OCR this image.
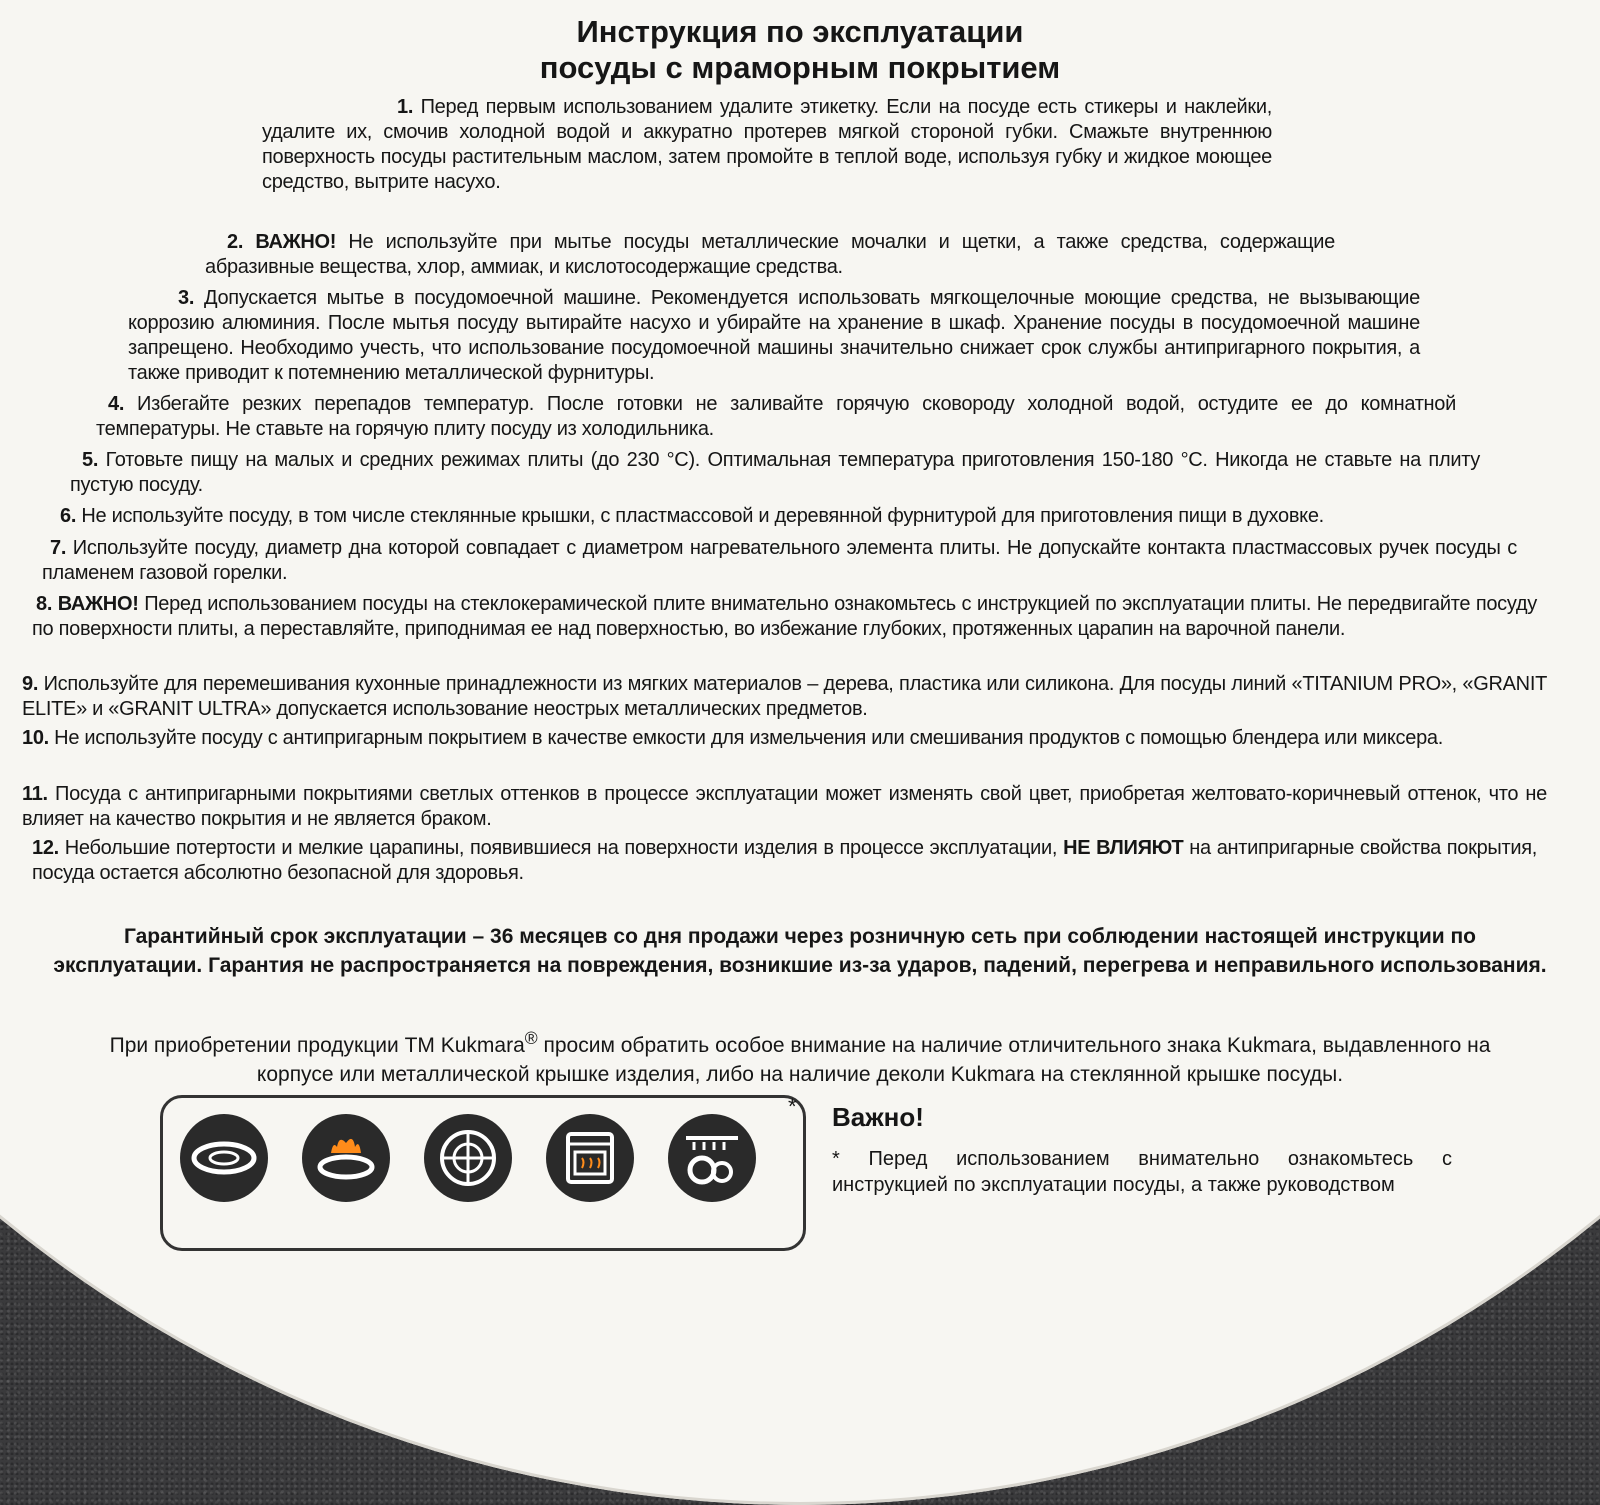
Инструкция по эксплуатации
посуды с мраморным покрытием
1. Перед первым использованием удалите этикетку. Если на посуде есть стикеры и наклейки, удалите их, смочив холодной водой и аккуратно протерев мягкой стороной губки. Смажьте внутреннюю поверхность посуды растительным маслом, затем промойте в теплой воде, используя губку и жидкое моющее средство, вытрите насухо.
2. ВАЖНО! Не используйте при мытье посуды металлические мочалки и щетки, а также средства, содержащие абразивные вещества, хлор, аммиак, и кислотосодержащие средства.
3. Допускается мытье в посудомоечной машине. Рекомендуется использовать мягкощелочные моющие средства, не вызывающие коррозию алюминия. После мытья посуду вытирайте насухо и убирайте на хранение в шкаф. Хранение посуды в посудомоечной машине запрещено. Необходимо учесть, что использование посудомоечной машины значительно снижает срок службы антипригарного покрытия, а также приводит к потемнению металлической фурнитуры.
4. Избегайте резких перепадов температур. После готовки не заливайте горячую сковороду холодной водой, остудите ее до комнатной температуры. Не ставьте на горячую плиту посуду из холодильника.
5. Готовьте пищу на малых и средних режимах плиты (до 230 °С). Оптимальная температура приготовления 150-180 °С. Никогда не ставьте на плиту пустую посуду.
6. Не используйте посуду, в том числе стеклянные крышки, с пластмассовой и деревянной фурнитурой для приготовления пищи в духовке.
7. Используйте посуду, диаметр дна которой совпадает с диаметром нагревательного элемента плиты. Не допускайте контакта пластмассовых ручек посуды с пламенем газовой горелки.
8. ВАЖНО! Перед использованием посуды на стеклокерамической плите внимательно ознакомьтесь с инструкцией по эксплуатации плиты. Не передвигайте посуду по поверхности плиты, а переставляйте, приподнимая ее над поверхностью, во избежание глубоких, протяженных царапин на варочной панели.
9. Используйте для перемешивания кухонные принадлежности из мягких материалов – дерева, пластика или силикона. Для посуды линий «TITANIUM PRO», «GRANIT ELITE» и «GRANIT ULTRA» допускается использование неострых металлических предметов.
10. Не используйте посуду с антипригарным покрытием в качестве емкости для измельчения или смешивания продуктов с помощью блендера или миксера.
11. Посуда с антипригарными покрытиями светлых оттенков в процессе эксплуатации может изменять свой цвет, приобретая желтовато-коричневый оттенок, что не влияет на качество покрытия и не является браком.
12. Небольшие потертости и мелкие царапины, появившиеся на поверхности изделия в процессе эксплуатации, НЕ ВЛИЯЮТ на антипригарные свойства покрытия, посуда остается абсолютно безопасной для здоровья.
Гарантийный срок эксплуатации – 36 месяцев со дня продажи через розничную сеть при соблюдении настоящей инструкции по эксплуатации. Гарантия не распространяется на повреждения, возникшие из-за ударов, падений, перегрева и неправильного использования.
При приобретении продукции ТМ Kukmara® просим обратить особое внимание на наличие отличительного знака Kukmara, выдавленного на корпусе или металлической крышке изделия, либо на наличие деколи Kukmara на стеклянной крышке посуды.
* Важно!
* Перед использованием внимательно ознакомьтесь с инструкцией по эксплуатации посуды, а также руководством
